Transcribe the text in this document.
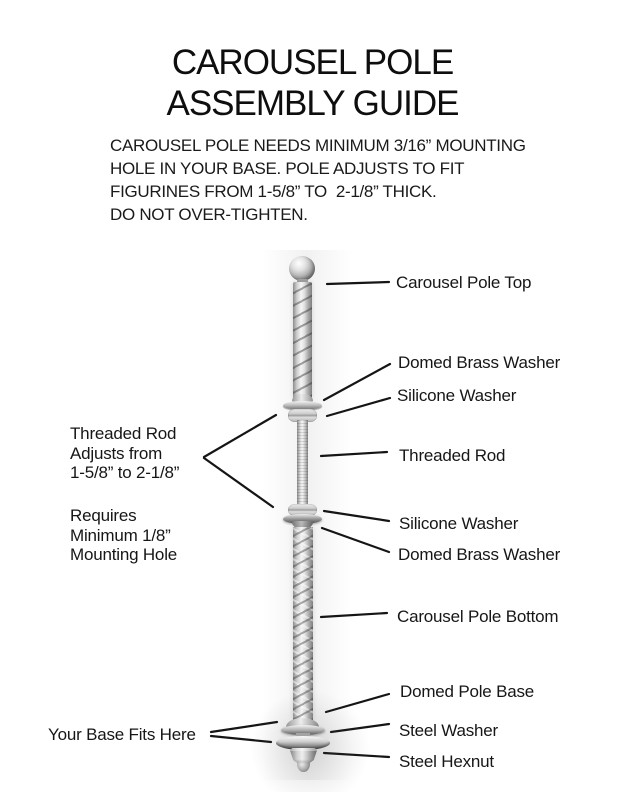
CAROUSEL POLE
ASSEMBLY GUIDE
CAROUSEL POLE NEEDS MINIMUM 3/16” MOUNTING
HOLE IN YOUR BASE. POLE ADJUSTS TO FIT
FIGURINES FROM 1-5/8” TO  2-1/8” THICK.
DO NOT OVER-TIGHTEN.
Carousel Pole Top
Domed Brass Washer
Silicone Washer
Threaded Rod
Silicone Washer
Domed Brass Washer
Carousel Pole Bottom
Domed Pole Base
Steel Washer
Steel Hexnut
Threaded Rod
Adjusts from
1-5/8” to 2-1/8”
Requires
Minimum 1/8”
Mounting Hole
Your Base Fits Here
